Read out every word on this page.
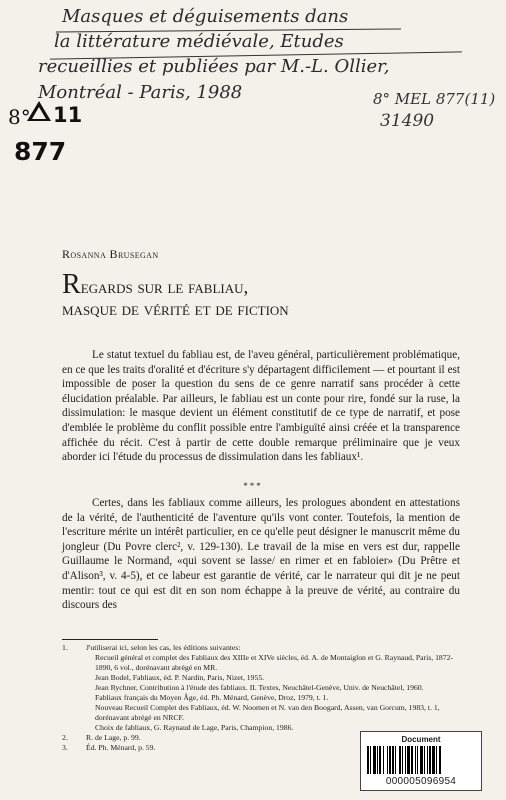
Masques et déguisements dans
la littérature médiévale, Etudes
recueillies et publiées par M.-L. Ollier,
Montréal - Paris, 1988
8° 11
877
8° MEL 877(11)
31490
Rosanna Brusegan
Regards sur le fabliau,
masque de vérité et de fiction

Le statut textuel du fabliau est, de l'aveu général, particulièrement problématique, en ce que les traits d'oralité et d'écriture s'y départagent difficilement — et pourtant il est impossible de poser la question du sens de ce genre narratif sans procéder à cette élucidation préalable. Par ailleurs, le fabliau est un conte pour rire, fondé sur la ruse, la dissimulation: le masque devient un élément constitutif de ce type de narratif, et pose d'emblée le problème du conflit possible entre l'ambiguïté ainsi créée et la transparence affichée du récit. C'est à partir de cette double remarque préliminaire que je veux aborder ici l'étude du processus de dissimulation dans les fabliaux¹.

***

Certes, dans les fabliaux comme ailleurs, les prologues abondent en attestations de la vérité, de l'authenticité de l'aventure qu'ils vont conter. Toutefois, la mention de l'escriture mérite un intérêt particulier, en ce qu'elle peut désigner le manuscrit même du jongleur (Du Povre clerc², v. 129-130). Le travail de la mise en vers est dur, rappelle Guillaume le Normand, «qui sovent se lasse/ en rimer et en fabloier» (Du Prêtre et d'Alison³, v. 4-5), et ce labeur est garantie de vérité, car le narrateur qui dit je ne peut mentir: tout ce qui est dit en son nom échappe à la preuve de vérité, au contraire du discours des

1. J'utiliserai ici, selon les cas, les éditions suivantes:
Recueil général et complet des Fabliaux des XIIIe et XIVe siècles, éd. A. de Montaiglon et G. Raynaud, Paris, 1872-1890, 6 vol., dorénavant abrégé en MR.
Jean Bodel, Fabliaux, éd. P. Nardin, Paris, Nizet, 1955.
Jean Rychner, Contribution à l'étude des fabliaux. II. Textes, Neuchâtel-Genève, Univ. de Neuchâtel, 1960.
Fabliaux français du Moyen Âge, éd. Ph. Ménard, Genève, Droz, 1979, t. 1.
Nouveau Recueil Complet des Fabliaux, éd. W. Noomen et N. van den Boogard, Assen, van Gorcum, 1983, t. 1, dorénavant abrégé en NRCF.
Choix de fabliaux, G. Raynaud de Lage, Paris, Champion, 1986.
2. R. de Lage, p. 99.
3. Éd. Ph. Ménard, p. 59.
Document
000005096954
